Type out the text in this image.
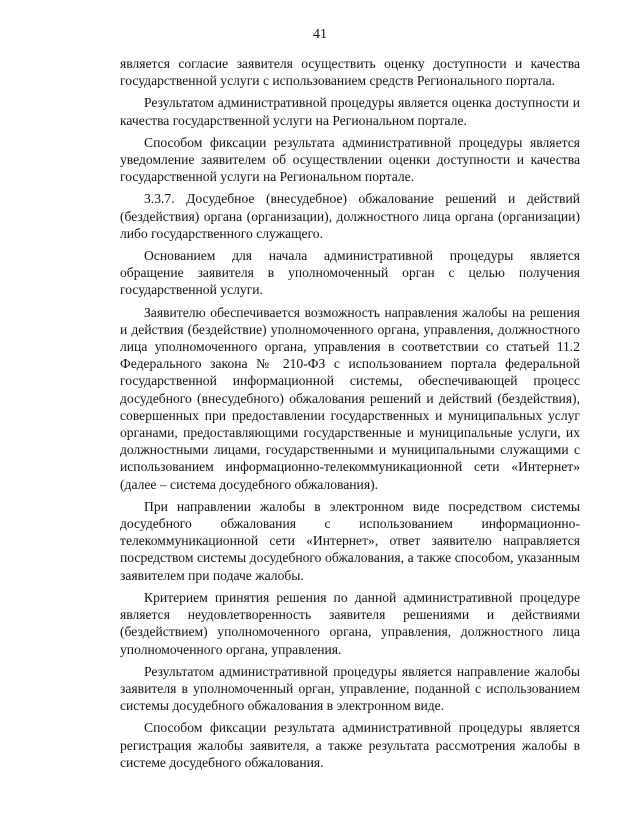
41

является согласие заявителя осуществить оценку доступности и качества государственной услуги с использованием средств Регионального портала.

Результатом административной процедуры является оценка доступности и качества государственной услуги на Региональном портале.

Способом фиксации результата административной процедуры является уведомление заявителем об осуществлении оценки доступности и качества государственной услуги на Региональном портале.

3.3.7. Досудебное (внесудебное) обжалование решений и действий (бездействия) органа (организации), должностного лица органа (организации) либо государственного служащего.

Основанием для начала административной процедуры является обращение заявителя в уполномоченный орган с целью получения государственной услуги.

Заявителю обеспечивается возможность направления жалобы на решения и действия (бездействие) уполномоченного органа, управления, должностного лица уполномоченного органа, управления в соответствии со статьей 11.2 Федерального закона № 210-ФЗ с использованием портала федеральной государственной информационной системы, обеспечивающей процесс досудебного (внесудебного) обжалования решений и действий (бездействия), совершенных при предоставлении государственных и муниципальных услуг органами, предоставляющими государственные и муниципальные услуги, их должностными лицами, государственными и муниципальными служащими с использованием информационно-телекоммуникационной сети «Интернет» (далее – система досудебного обжалования).

При направлении жалобы в электронном виде посредством системы досудебного обжалования с использованием информационно-телекоммуникационной сети «Интернет», ответ заявителю направляется посредством системы досудебного обжалования, а также способом, указанным заявителем при подаче жалобы.

Критерием принятия решения по данной административной процедуре является неудовлетворенность заявителя решениями и действиями (бездействием) уполномоченного органа, управления, должностного лица уполномоченного органа, управления.

Результатом административной процедуры является направление жалобы заявителя в уполномоченный орган, управление, поданной с использованием системы досудебного обжалования в электронном виде.

Способом фиксации результата административной процедуры является регистрация жалобы заявителя, а также результата рассмотрения жалобы в системе досудебного обжалования.
